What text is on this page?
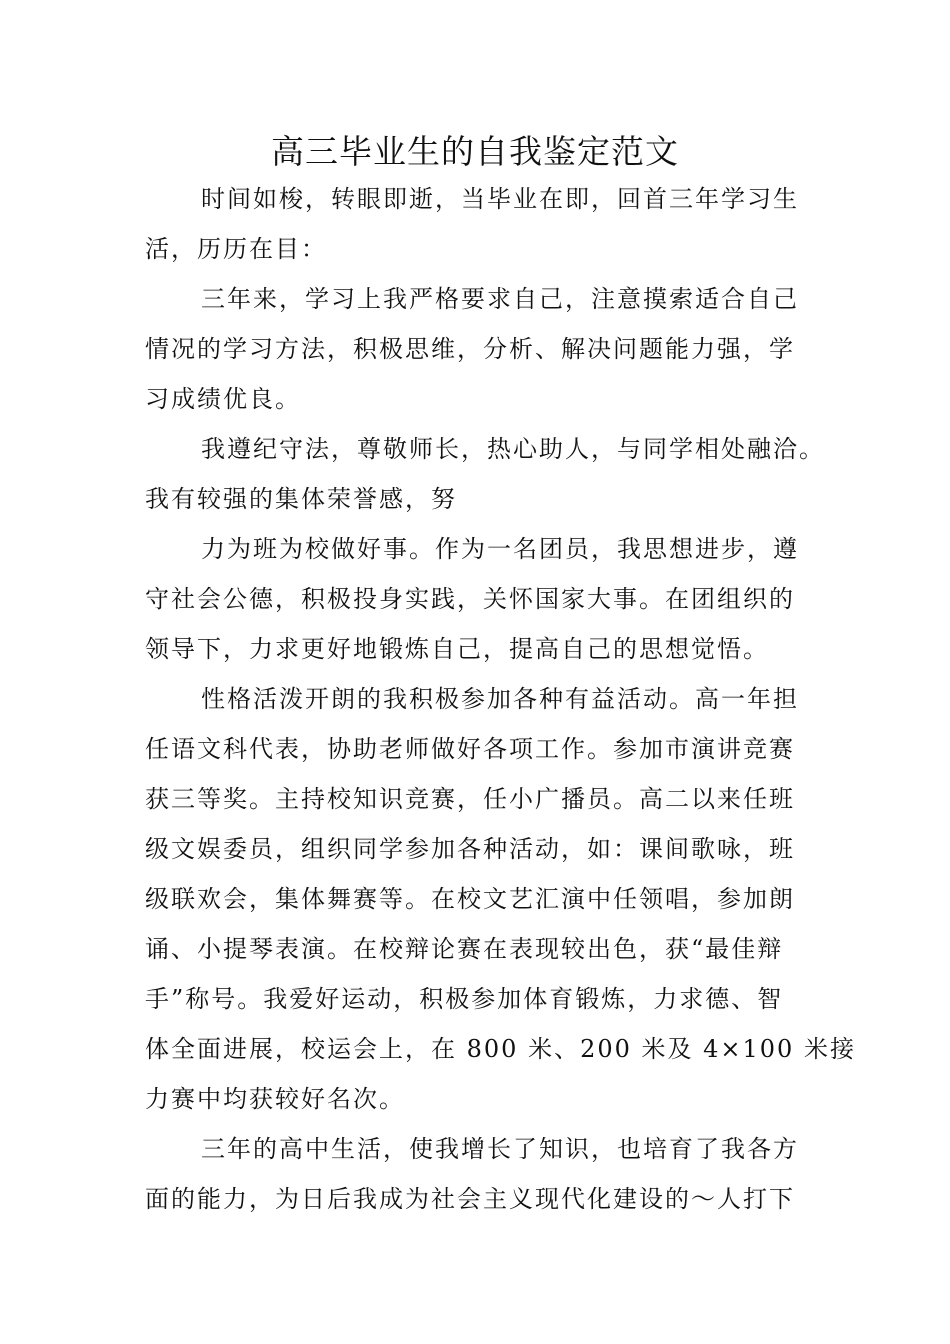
高三毕业生的自我鉴定范文
时间如梭，转眼即逝，当毕业在即，回首三年学习生
活，历历在目：
三年来，学习上我严格要求自己，注意摸索适合自己
情况的学习方法，积极思维，分析、解决问题能力强，学
习成绩优良。
我遵纪守法，尊敬师长，热心助人，与同学相处融洽。
我有较强的集体荣誉感，努
力为班为校做好事。作为一名团员，我思想进步，遵
守社会公德，积极投身实践，关怀国家大事。在团组织的
领导下，力求更好地锻炼自己，提高自己的思想觉悟。
性格活泼开朗的我积极参加各种有益活动。高一年担
任语文科代表，协助老师做好各项工作。参加市演讲竞赛
获三等奖。主持校知识竞赛，任小广播员。高二以来任班
级文娱委员，组织同学参加各种活动，如：课间歌咏，班
级联欢会，集体舞赛等。在校文艺汇演中任领唱，参加朗
诵、小提琴表演。在校辩论赛在表现较出色，获“最佳辩
手”称号。我爱好运动，积极参加体育锻炼，力求德、智
体全面进展，校运会上，在 800 米、200 米及 4×100 米接
力赛中均获较好名次。
三年的高中生活，使我增长了知识，也培育了我各方
面的能力，为日后我成为社会主义现代化建设的～人打下
